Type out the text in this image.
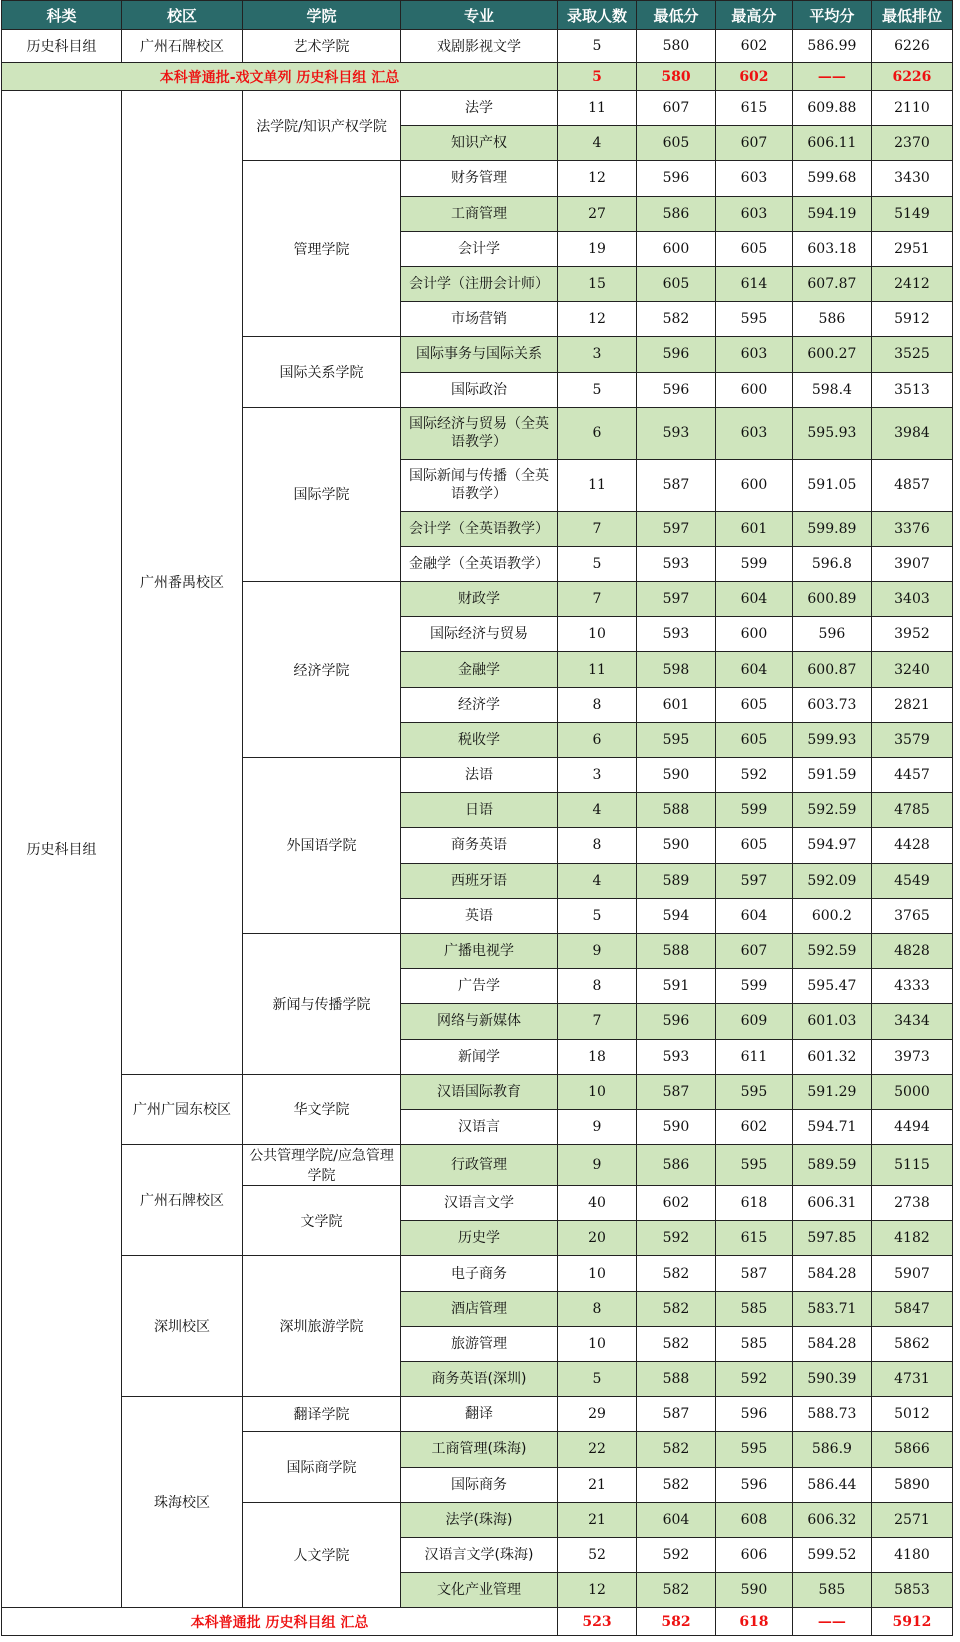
科类	校区	学院	专业	录取人数	最低分	最高分	平均分	最低排位
历史科目组	广州石牌校区	艺术学院	戏剧影视文学	5	580	602	586.99	6226
本科普通批-戏文单列 历史科目组 汇总				5	580	602	——	6226
历史科目组	广州番禺校区	法学院/知识产权学院	法学	11	607	615	609.88	2110
			知识产权	4	605	607	606.11	2370
		管理学院	财务管理	12	596	603	599.68	3430
			工商管理	27	586	603	594.19	5149
			会计学	19	600	605	603.18	2951
			会计学（注册会计师）	15	605	614	607.87	2412
			市场营销	12	582	595	586	5912
		国际关系学院	国际事务与国际关系	3	596	603	600.27	3525
			国际政治	5	596	600	598.4	3513
		国际学院	国际经济与贸易（全英语教学）	6	593	603	595.93	3984
			国际新闻与传播（全英语教学）	11	587	600	591.05	4857
			会计学（全英语教学）	7	597	601	599.89	3376
			金融学（全英语教学）	5	593	599	596.8	3907
		经济学院	财政学	7	597	604	600.89	3403
			国际经济与贸易	10	593	600	596	3952
			金融学	11	598	604	600.87	3240
			经济学	8	601	605	603.73	2821
			税收学	6	595	605	599.93	3579
		外国语学院	法语	3	590	592	591.59	4457
			日语	4	588	599	592.59	4785
			商务英语	8	590	605	594.97	4428
			西班牙语	4	589	597	592.09	4549
			英语	5	594	604	600.2	3765
		新闻与传播学院	广播电视学	9	588	607	592.59	4828
			广告学	8	591	599	595.47	4333
			网络与新媒体	7	596	609	601.03	3434
			新闻学	18	593	611	601.32	3973
	广州广园东校区	华文学院	汉语国际教育	10	587	595	591.29	5000
			汉语言	9	590	602	594.71	4494
	广州石牌校区	公共管理学院/应急管理学院	行政管理	9	586	595	589.59	5115
		文学院	汉语言文学	40	602	618	606.31	2738
			历史学	20	592	615	597.85	4182
	深圳校区	深圳旅游学院	电子商务	10	582	587	584.28	5907
			酒店管理	8	582	585	583.71	5847
			旅游管理	10	582	585	584.28	5862
			商务英语(深圳)	5	588	592	590.39	4731
	珠海校区	翻译学院	翻译	29	587	596	588.73	5012
		国际商学院	工商管理(珠海)	22	582	595	586.9	5866
			国际商务	21	582	596	586.44	5890
		人文学院	法学(珠海)	21	604	608	606.32	2571
			汉语言文学(珠海)	52	592	606	599.52	4180
			文化产业管理	12	582	590	585	5853
本科普通批 历史科目组 汇总				523	582	618	——	5912
